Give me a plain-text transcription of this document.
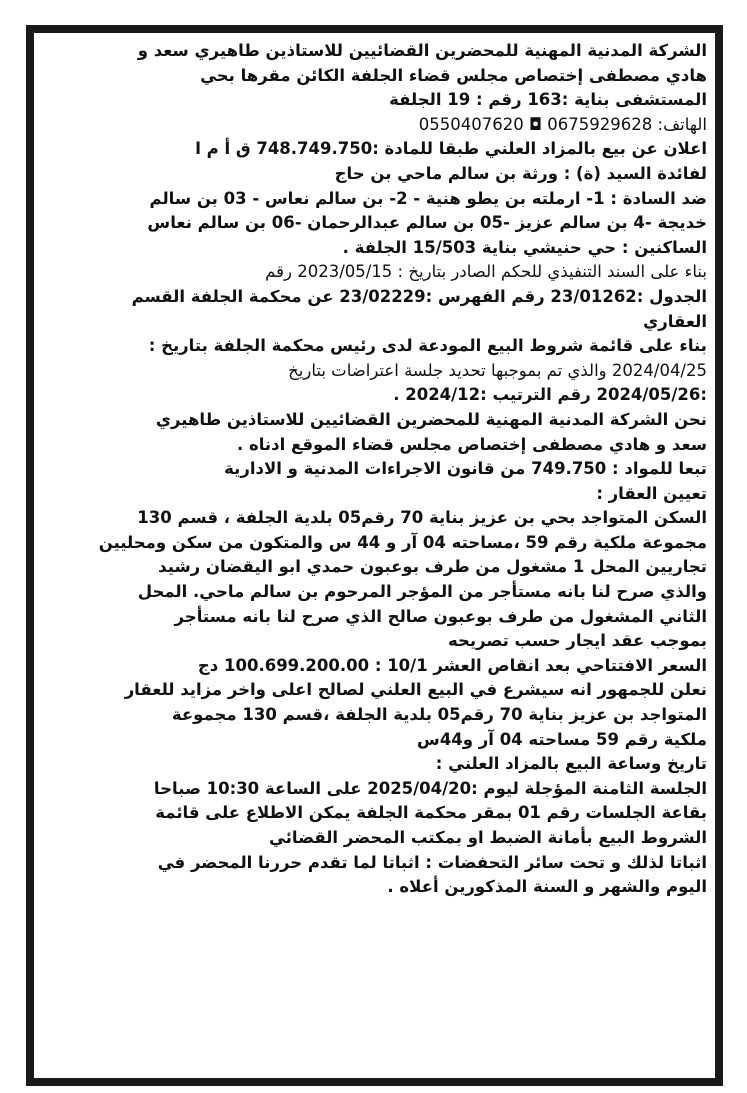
الشركة المدنية المهنية للمحضرين القضائيين للاستاذين طاهيري سعد و
هادي مصطفى إختصاص مجلس قضاء الجلفة الكائن مقرها بحي
المستشفى بناية :163 رقم : 19 الجلفة
الهاتف: 0675929628 ◘ 0550407620
اعلان عن بيع بالمزاد العلني طبقا للمادة :748.749.750 ق أ م ا
لفائدة السيد (ة) : ورثة بن سالم ماحي بن حاج
ضد السادة : 1- ارملته بن يطو هنية - 2- بن سالم نعاس - 03 بن سالم
خديجة -4 بن سالم عزيز -05 بن سالم عبدالرحمان -06 بن سالم نعاس
الساكنين : حي حنيشي بناية 15/503 الجلفة .
بناء على السند التنفيذي للحكم الصادر بتاريخ : 2023/05/15 رقم
الجدول :23/01262 رقم الفهرس :23/02229 عن محكمة الجلفة القسم
العقاري
بناء على قائمة شروط البيع المودعة لدى رئيس محكمة الجلفة بتاريخ :
2024/04/25 والذي تم بموجبها تحديد جلسة اعتراضات بتاريخ
:2024/05/26 رقم الترتيب :2024/12 .
نحن الشركة المدنية المهنية للمحضرين القضائيين للاستاذين طاهيري
سعد و هادي مصطفى إختصاص مجلس قضاء الموقع ادناه .
تبعا للمواد : 749.750 من قانون الاجراءات المدنية و الادارية
تعيين العقار :
السكن المتواجد بحي بن عزيز بناية 70 رقم05 بلدية الجلفة ، قسم 130
مجموعة ملكية رقم 59 ،مساحته 04 آر و 44 س والمتكون من سكن ومحليين
تجاريين المحل 1 مشغول من طرف بوعبون حمدي ابو اليقضان رشيد
والذي صرح لنا بانه مستأجر من المؤجر المرحوم بن سالم ماحي. المحل
الثاني المشغول من طرف بوعبون صالح الذي صرح لنا بانه مستأجر
بموجب عقد ايجار حسب تصريحه
السعر الافتتاحي بعد انقاص العشر 10/1 : 100.699.200.00 دج
نعلن للجمهور انه سيشرع في البيع العلني لصالح اعلى واخر مزايد للعقار
المتواجد بن عزيز بناية 70 رقم05 بلدية الجلفة ،قسم 130 مجموعة
ملكية رقم 59 مساحته 04 آر و44س
تاريخ وساعة البيع بالمزاد العلني :
الجلسة الثامنة المؤجلة ليوم :2025/04/20 على الساعة 10:30 صباحا
بقاعة الجلسات رقم 01 بمقر محكمة الجلفة يمكن الاطلاع على قائمة
الشروط البيع بأمانة الضبط او بمكتب المحضر القضائي
اثباتا لذلك و تحت سائر التحفضات : اثباتا لما تقدم حررنا المحضر في
اليوم والشهر و السنة المذكورين أعلاه .
